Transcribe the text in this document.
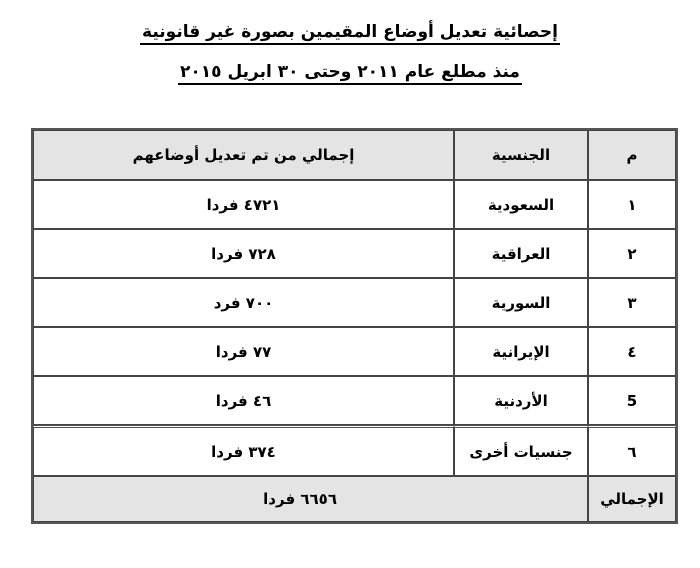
إحصائية تعديل أوضاع المقيمين بصورة غير قانونية
منذ مطلع عام ٢٠١١ وحتى ٣٠ ابريل ٢٠١٥
م	الجنسية	إجمالي من تم تعديل أوضاعهم
١	السعودية	٤٧٢١ فردا
٢	العراقية	٧٢٨ فردا
٣	السورية	٧٠٠ فرد
٤	الإيرانية	٧٧ فردا
5	الأردنية	٤٦ فردا
٦	جنسيات أخرى	٣٧٤ فردا
الإجمالي	٦٦٥٦ فردا	
